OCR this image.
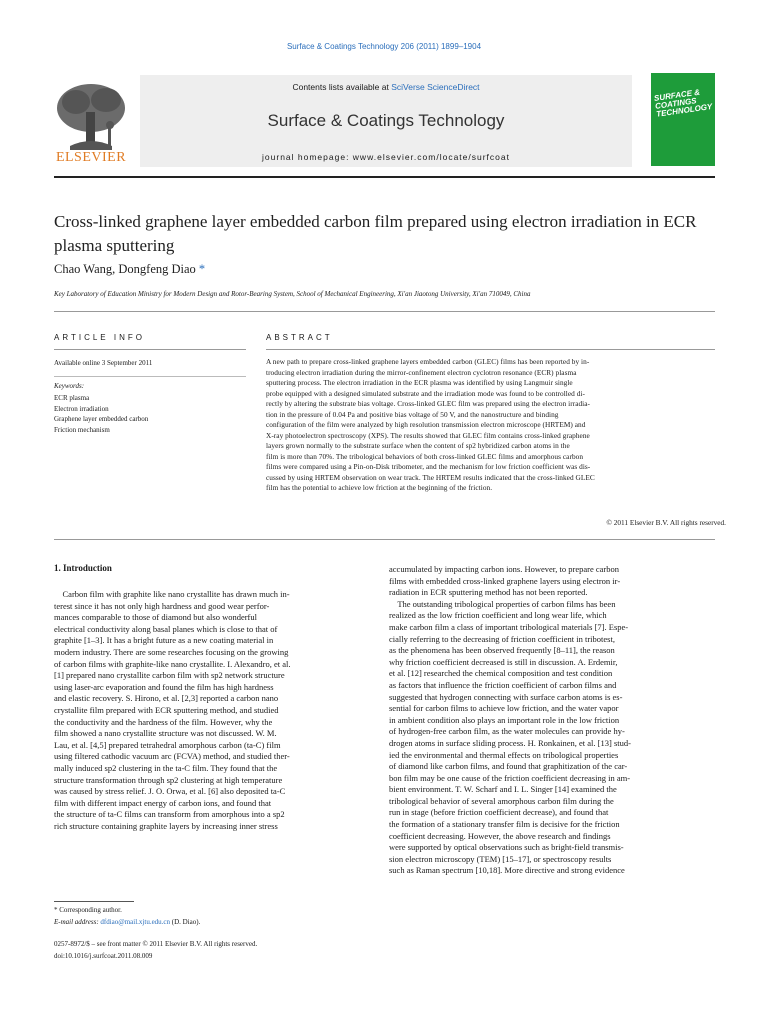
Surface & Coatings Technology 206 (2011) 1899–1904
Contents lists available at SciVerse ScienceDirect
Surface & Coatings Technology
journal homepage: www.elsevier.com/locate/surfcoat
ELSEVIER
SURFACE & COATINGS TECHNOLOGY
Cross-linked graphene layer embedded carbon film prepared using electron irradiation in ECR plasma sputtering
Chao Wang, Dongfeng Diao *
Key Laboratory of Education Ministry for Modern Design and Rotor-Bearing System, School of Mechanical Engineering, Xi'an Jiaotong University, Xi'an 710049, China
ARTICLE INFO
Available online 3 September 2011
Keywords:
ECR plasma
Electron irradiation
Graphene layer embedded carbon
Friction mechanism
ABSTRACT
A new path to prepare cross-linked graphene layers embedded carbon (GLEC) films has been reported by in-
troducing electron irradiation during the mirror-confinement electron cyclotron resonance (ECR) plasma
sputtering process. The electron irradiation in the ECR plasma was identified by using Langmuir single
probe equipped with a designed simulated substrate and the irradiation mode was found to be controlled di-
rectly by altering the substrate bias voltage. Cross-linked GLEC film was prepared using the electron irradia-
tion in the pressure of 0.04 Pa and positive bias voltage of 50 V, and the nanostructure and binding
configuration of the film were analyzed by high resolution transmission electron microscope (HRTEM) and
X-ray photoelectron spectroscopy (XPS). The results showed that GLEC film contains cross-linked graphene
layers grown normally to the substrate surface when the content of sp2 hybridized carbon atoms in the
film is more than 70%. The tribological behaviors of both cross-linked GLEC films and amorphous carbon
films were compared using a Pin-on-Disk tribometer, and the mechanism for low friction coefficient was dis-
cussed by using HRTEM observation on wear track. The HRTEM results indicated that the cross-linked GLEC
film has the potential to achieve low friction at the beginning of the friction.
© 2011 Elsevier B.V. All rights reserved.
1. Introduction
Carbon film with graphite like nano crystallite has drawn much in-
terest since it has not only high hardness and good wear perfor-
mances comparable to those of diamond but also wonderful
electrical conductivity along basal planes which is close to that of
graphite [1–3]. It has a bright future as a new coating material in
modern industry. There are some researches focusing on the growing
of carbon films with graphite-like nano crystallite. I. Alexandro, et al.
[1] prepared nano crystallite carbon film with sp2 network structure
using laser-arc evaporation and found the film has high hardness
and elastic recovery. S. Hirono, et al. [2,3] reported a carbon nano
crystallite film prepared with ECR sputtering method, and studied
the conductivity and the hardness of the film. However, why the
film showed a nano crystallite structure was not discussed. W. M.
Lau, et al. [4,5] prepared tetrahedral amorphous carbon (ta-C) film
using filtered cathodic vacuum arc (FCVA) method, and studied ther-
mally induced sp2 clustering in the ta-C film. They found that the
structure transformation through sp2 clustering at high temperature
was caused by stress relief. J. O. Orwa, et al. [6] also deposited ta-C
film with different impact energy of carbon ions, and found that
the structure of ta-C films can transform from amorphous into a sp2
rich structure containing graphite layers by increasing inner stress
accumulated by impacting carbon ions. However, to prepare carbon
films with embedded cross-linked graphene layers using electron ir-
radiation in ECR sputtering method has not been reported.
The outstanding tribological properties of carbon films has been
realized as the low friction coefficient and long wear life, which
make carbon film a class of important tribological materials [7]. Espe-
cially referring to the decreasing of friction coefficient in tribotest,
as the phenomena has been observed frequently [8–11], the reason
why friction coefficient decreased is still in discussion. A. Erdemir,
et al. [12] researched the chemical composition and test condition
as factors that influence the friction coefficient of carbon films and
suggested that hydrogen connecting with surface carbon atoms is es-
sential for carbon films to achieve low friction, and the water vapor
in ambient condition also plays an important role in the low friction
of hydrogen-free carbon film, as the water molecules can provide hy-
drogen atoms in surface sliding process. H. Ronkainen, et al. [13] stud-
ied the environmental and thermal effects on tribological properties
of diamond like carbon films, and found that graphitization of the car-
bon film may be one cause of the friction coefficient decreasing in am-
bient environment. T. W. Scharf and I. L. Singer [14] examined the
tribological behavior of several amorphous carbon film during the
run in stage (before friction coefficient decrease), and found that
the formation of a stationary transfer film is decisive for the friction
coefficient decreasing. However, the above research and findings
were supported by optical observations such as bright-field transmis-
sion electron microscopy (TEM) [15–17], or spectroscopy results
such as Raman spectrum [10,18]. More directive and strong evidence
* Corresponding author.
E-mail address: dfdiao@mail.xjtu.edu.cn (D. Diao).
0257-8972/$ – see front matter © 2011 Elsevier B.V. All rights reserved.
doi:10.1016/j.surfcoat.2011.08.009
